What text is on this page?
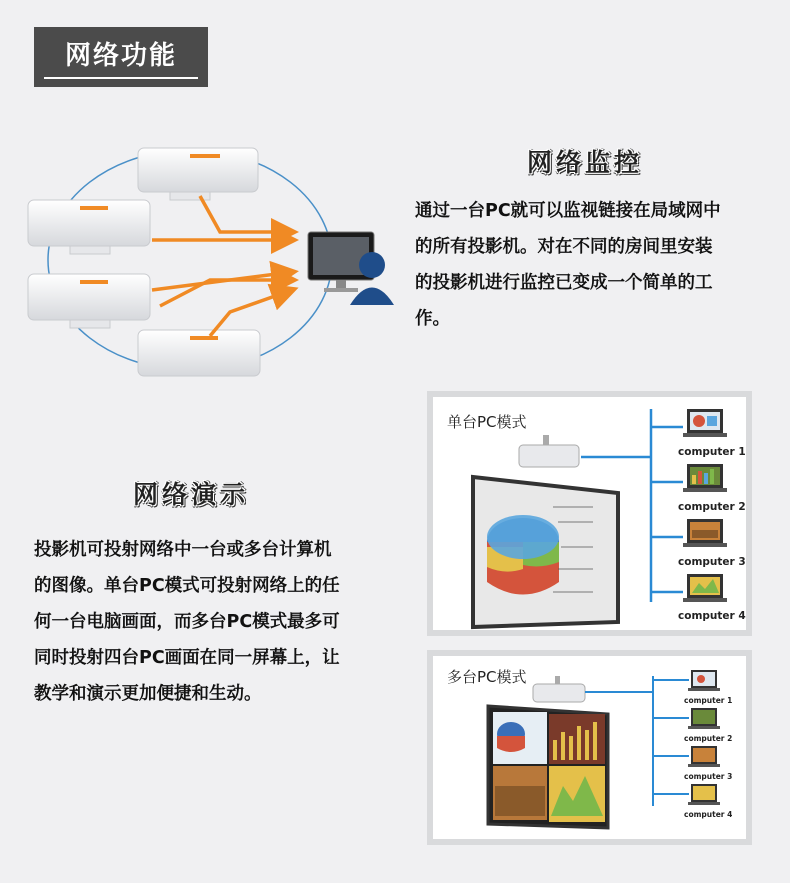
网络功能
网络监控
通过一台PC就可以监视链接在局域网中
的所有投影机。对在不同的房间里安装
的投影机进行监控已变成一个简单的工
作。
网络演示
投影机可投射网络中一台或多台计算机
的图像。单台PC模式可投射网络上的任
何一台电脑画面，而多台PC模式最多可
同时投射四台PC画面在同一屏幕上，让
教学和演示更加便捷和生动。
单台PC模式
computer 1
computer 2
computer 3
computer 4
多台PC模式
computer 1
computer 2
computer 3
computer 4
